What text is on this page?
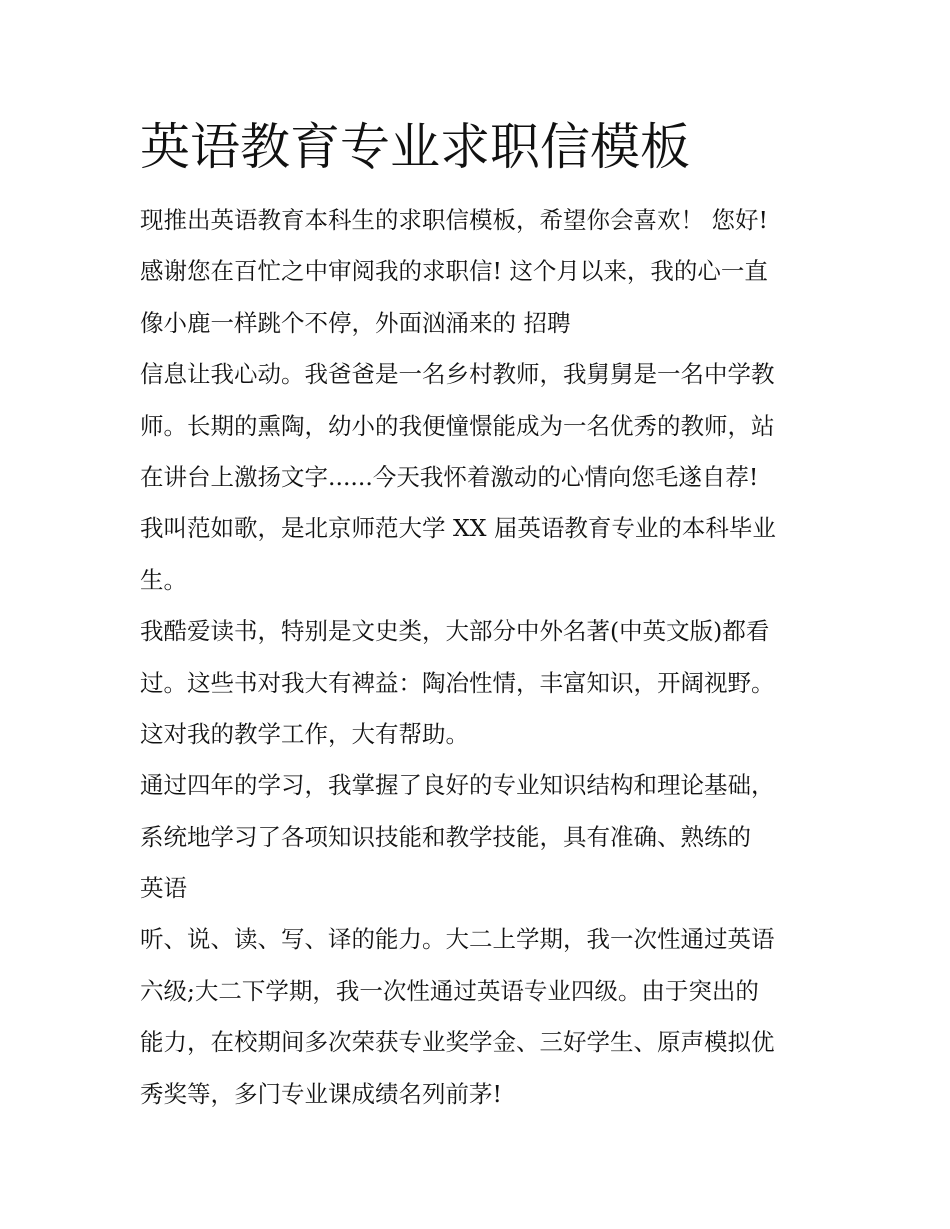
英语教育专业求职信模板

现推出英语教育本科生的求职信模板，希望你会喜欢！ 您好!

感谢您在百忙之中审阅我的求职信! 这个月以来，我的心一直

像小鹿一样跳个不停，外面汹涌来的 招聘

信息让我心动。我爸爸是一名乡村教师，我舅舅是一名中学教

师。长期的熏陶，幼小的我便憧憬能成为一名优秀的教师，站

在讲台上激扬文字......今天我怀着激动的心情向您毛遂自荐!

我叫范如歌，是北京师范大学 XX 届英语教育专业的本科毕业

生。

我酷爱读书，特别是文史类，大部分中外名著(中英文版)都看

过。这些书对我大有裨益：陶冶性情，丰富知识，开阔视野。

这对我的教学工作，大有帮助。

通过四年的学习，我掌握了良好的专业知识结构和理论基础，

系统地学习了各项知识技能和教学技能，具有准确、熟练的

英语

听、说、读、写、译的能力。大二上学期，我一次性通过英语

六级;大二下学期，我一次性通过英语专业四级。由于突出的

能力，在校期间多次荣获专业奖学金、三好学生、原声模拟优

秀奖等，多门专业课成绩名列前茅!
